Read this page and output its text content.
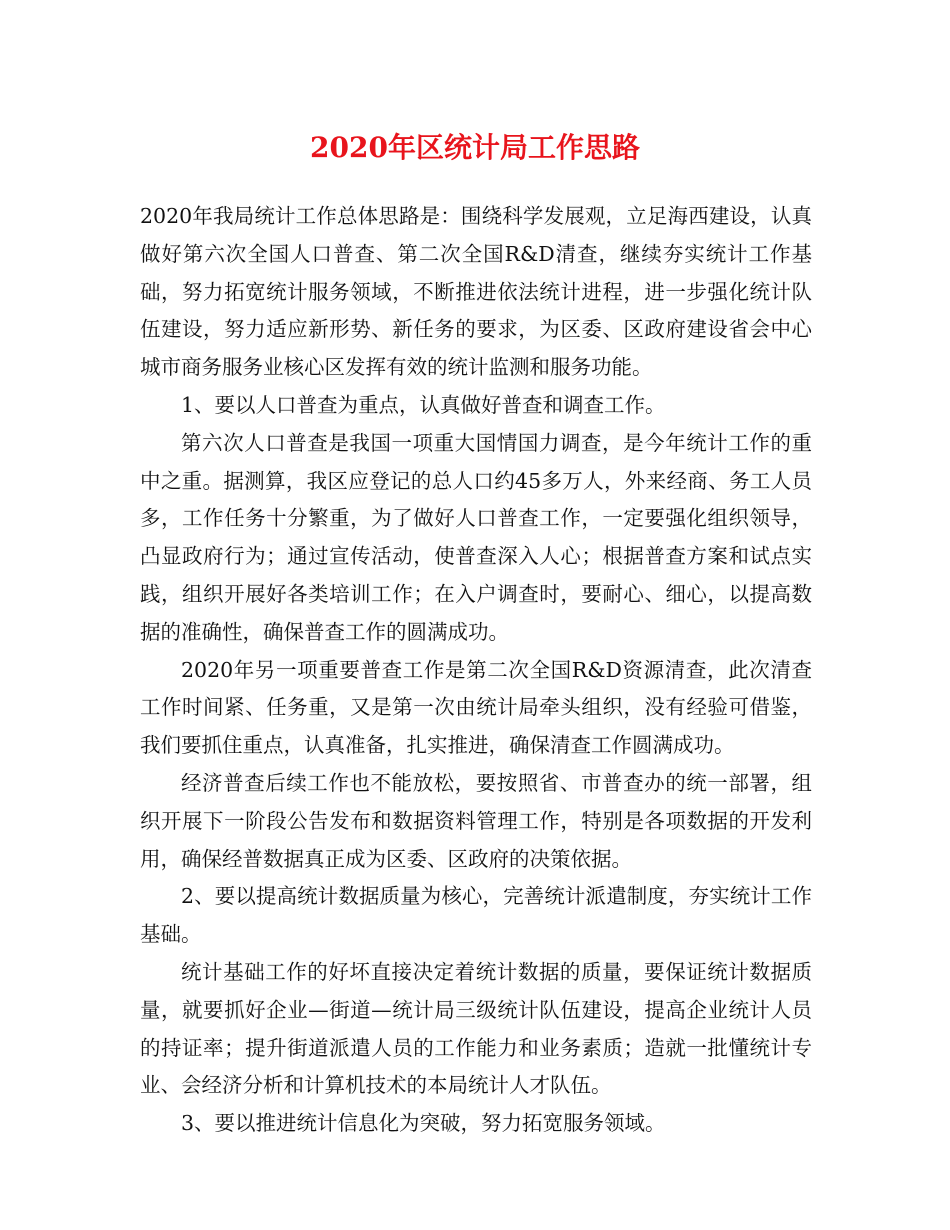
2020年区统计局工作思路

2020年我局统计工作总体思路是：围绕科学发展观，立足海西建设，认真做好第六次全国人口普查、第二次全国R&D清查，继续夯实统计工作基础，努力拓宽统计服务领域，不断推进依法统计进程，进一步强化统计队伍建设，努力适应新形势、新任务的要求，为区委、区政府建设省会中心城市商务服务业核心区发挥有效的统计监测和服务功能。

1、要以人口普查为重点，认真做好普查和调查工作。

第六次人口普查是我国一项重大国情国力调查，是今年统计工作的重中之重。据测算，我区应登记的总人口约45多万人，外来经商、务工人员多，工作任务十分繁重，为了做好人口普查工作，一定要强化组织领导，凸显政府行为；通过宣传活动，使普查深入人心；根据普查方案和试点实践，组织开展好各类培训工作；在入户调查时，要耐心、细心，以提高数据的准确性，确保普查工作的圆满成功。

2020年另一项重要普查工作是第二次全国R&D资源清查，此次清查工作时间紧、任务重，又是第一次由统计局牵头组织，没有经验可借鉴，我们要抓住重点，认真准备，扎实推进，确保清查工作圆满成功。

经济普查后续工作也不能放松，要按照省、市普查办的统一部署，组织开展下一阶段公告发布和数据资料管理工作，特别是各项数据的开发利用，确保经普数据真正成为区委、区政府的决策依据。

2、要以提高统计数据质量为核心，完善统计派遣制度，夯实统计工作基础。

统计基础工作的好坏直接决定着统计数据的质量，要保证统计数据质量，就要抓好企业—街道—统计局三级统计队伍建设，提高企业统计人员的持证率；提升街道派遣人员的工作能力和业务素质；造就一批懂统计专业、会经济分析和计算机技术的本局统计人才队伍。

3、要以推进统计信息化为突破，努力拓宽服务领域。
